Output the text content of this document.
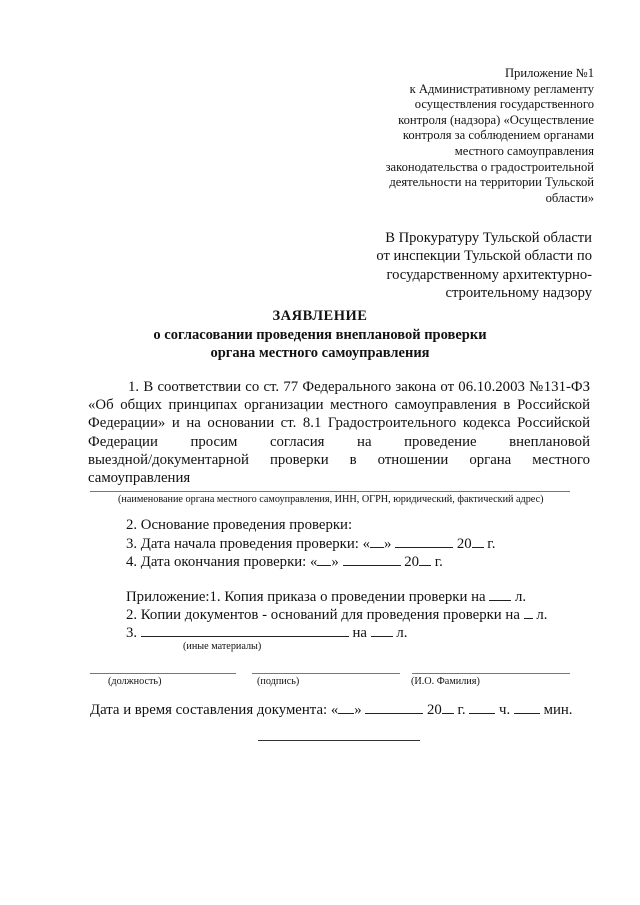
Приложение №1
к Административному регламенту
осуществления государственного
контроля (надзора) «Осуществление
контроля за соблюдением органами
местного самоуправления
законодательства о градостроительной
деятельности на территории Тульской
области»
В Прокуратуру Тульской области
от инспекции Тульской области по
государственному архитектурно-
строительному надзору
ЗАЯВЛЕНИЕ
о согласовании проведения внеплановой проверки
органа местного самоуправления

1. В соответствии со ст. 77 Федерального закона от 06.10.2003 №131-ФЗ

«Об общих принципах организации местного самоуправления в Российской

Федерации» и на основании ст. 8.1 Градостроительного кодекса Российской

Федерации просим согласия на проведение внеплановой

выездной/документарной проверки в отношении органа местного

самоуправления

(наименование органа местного самоуправления, ИНН, ОГРН, юридический, фактический адрес)
2. Основание проведения проверки:
3. Дата начала проведения проверки: « »	20 г.
4. Дата окончания проверки: « »	20 г.
Приложение:1. Копия приказа о проведении проверки на л.
2. Копии документов - оснований для проведения проверки на л.
3.	на л.
(иные материалы)
(должность)	(подпись)	(И.О. Фамилия)
Дата и время составления документа: « »	20 г. ч. мин.
